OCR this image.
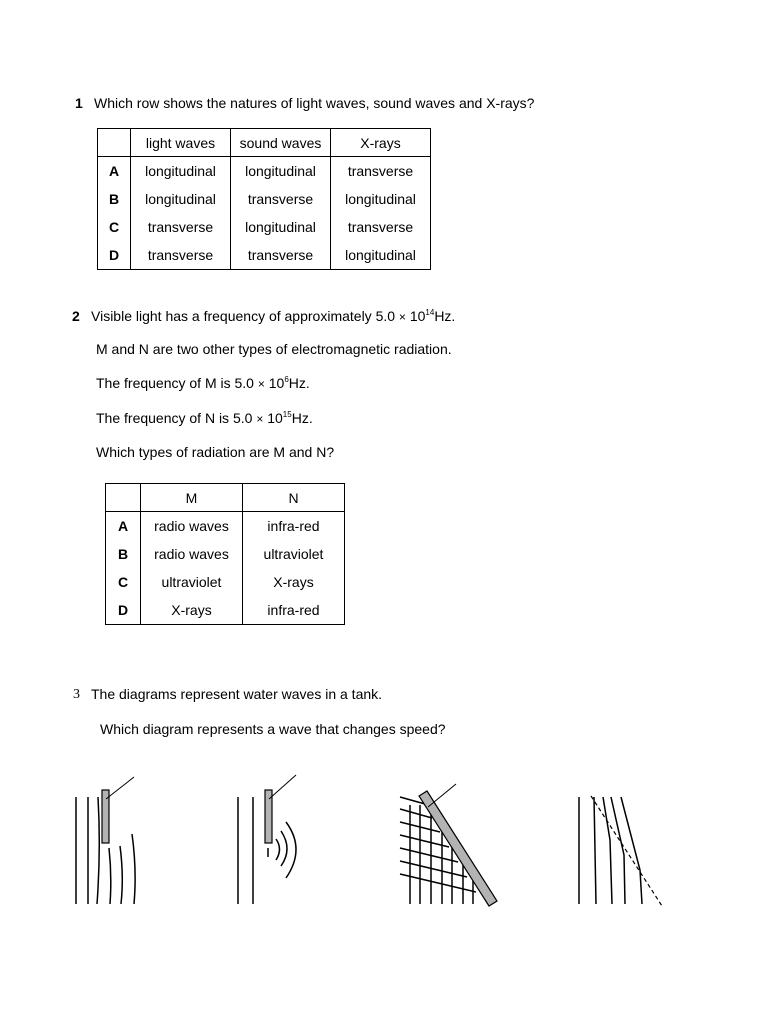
1 Which row shows the natures of light waves, sound waves and X-rays?
	light waves	sound waves	X-rays
A	longitudinal	longitudinal	transverse
B	longitudinal	transverse	longitudinal
C	transverse	longitudinal	transverse
D	transverse	transverse	longitudinal
2 Visible light has a frequency of approximately $5.0 \times 10^{14}Hz$.
M and N are two other types of electromagnetic radiation.
The frequency of M is $5.0 \times 10^6Hz$.
The frequency of N is $5.0 \times 10^{15}Hz$.
Which types of radiation are M and N?
	M	N
A	radio waves	infra-red
B	radio waves	ultraviolet
C	ultraviolet	X-rays
D	X-rays	infra-red
3 The diagrams represent water waves in a tank.
Which diagram represents a wave that changes speed?
